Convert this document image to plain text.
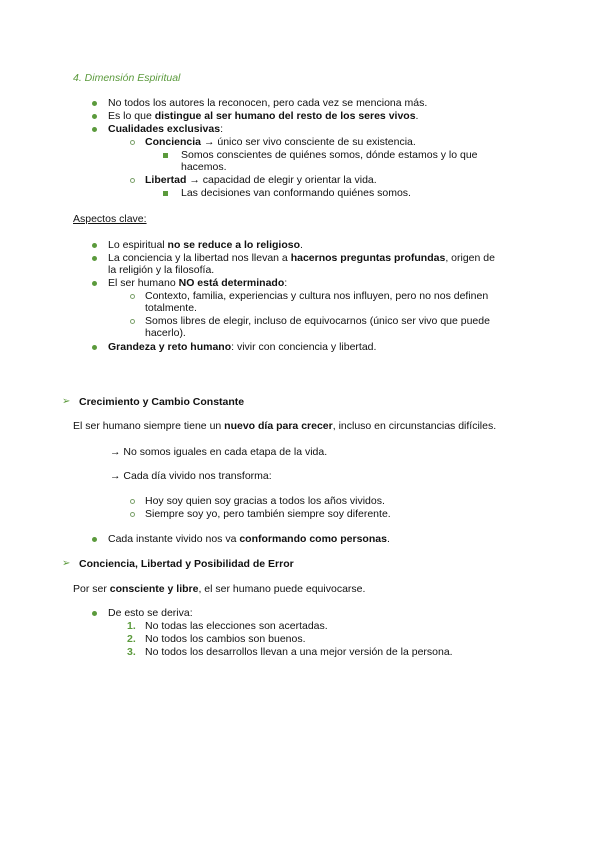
4. Dimensión Espiritual
No todos los autores la reconocen, pero cada vez se menciona más.
Es lo que distingue al ser humano del resto de los seres vivos.
Cualidades exclusivas:
Conciencia → único ser vivo consciente de su existencia.
Somos conscientes de quiénes somos, dónde estamos y lo que
hacemos.
Libertad → capacidad de elegir y orientar la vida.
Las decisiones van conformando quiénes somos.
Aspectos clave:
Lo espiritual no se reduce a lo religioso.
La conciencia y la libertad nos llevan a hacernos preguntas profundas, origen de
la religión y la filosofía.
El ser humano NO está determinado:
Contexto, familia, experiencias y cultura nos influyen, pero no nos definen
totalmente.
Somos libres de elegir, incluso de equivocarnos (único ser vivo que puede
hacerlo).
Grandeza y reto humano: vivir con conciencia y libertad.
➢ Crecimiento y Cambio Constante
El ser humano siempre tiene un nuevo día para crecer, incluso en circunstancias difíciles.
→ No somos iguales en cada etapa de la vida.
→ Cada día vivido nos transforma:
Hoy soy quien soy gracias a todos los años vividos.
Siempre soy yo, pero también siempre soy diferente.
Cada instante vivido nos va conformando como personas.
➢ Conciencia, Libertad y Posibilidad de Error
Por ser consciente y libre, el ser humano puede equivocarse.
De esto se deriva:
1. No todas las elecciones son acertadas.
2. No todos los cambios son buenos.
3. No todos los desarrollos llevan a una mejor versión de la persona.
